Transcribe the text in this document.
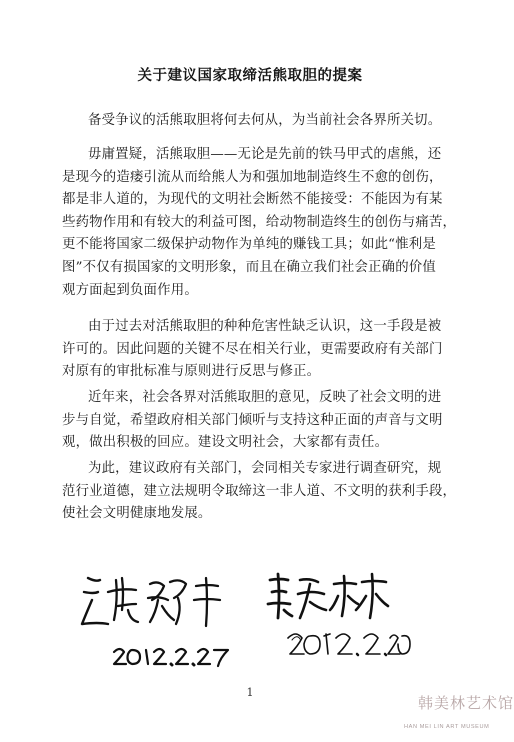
关于建议国家取缔活熊取胆的提案

备受争议的活熊取胆将何去何从，为当前社会各界所关切。

毋庸置疑，活熊取胆——无论是先前的铁马甲式的虐熊，还
是现今的造瘘引流从而给熊人为和强加地制造终生不愈的创伤，
都是非人道的，为现代的文明社会断然不能接受：不能因为有某
些药物作用和有较大的利益可图，给动物制造终生的创伤与痛苦，
更不能将国家二级保护动物作为单纯的赚钱工具；如此“惟利是
图”不仅有损国家的文明形象，而且在确立我们社会正确的价值
观方面起到负面作用。

由于过去对活熊取胆的种种危害性缺乏认识，这一手段是被
许可的。因此问题的关键不尽在相关行业，更需要政府有关部门
对原有的审批标准与原则进行反思与修正。

近年来，社会各界对活熊取胆的意见，反映了社会文明的进
步与自觉，希望政府相关部门倾听与支持这种正面的声音与文明
观，做出积极的回应。建设文明社会，大家都有责任。

为此，建议政府有关部门，会同相关专家进行调查研究，规
范行业道德，建立法规明令取缔这一非人道、不文明的获利手段，
使社会文明健康地发展。

1
韩美林艺术馆
HAN MEI LIN ART MUSEUM
